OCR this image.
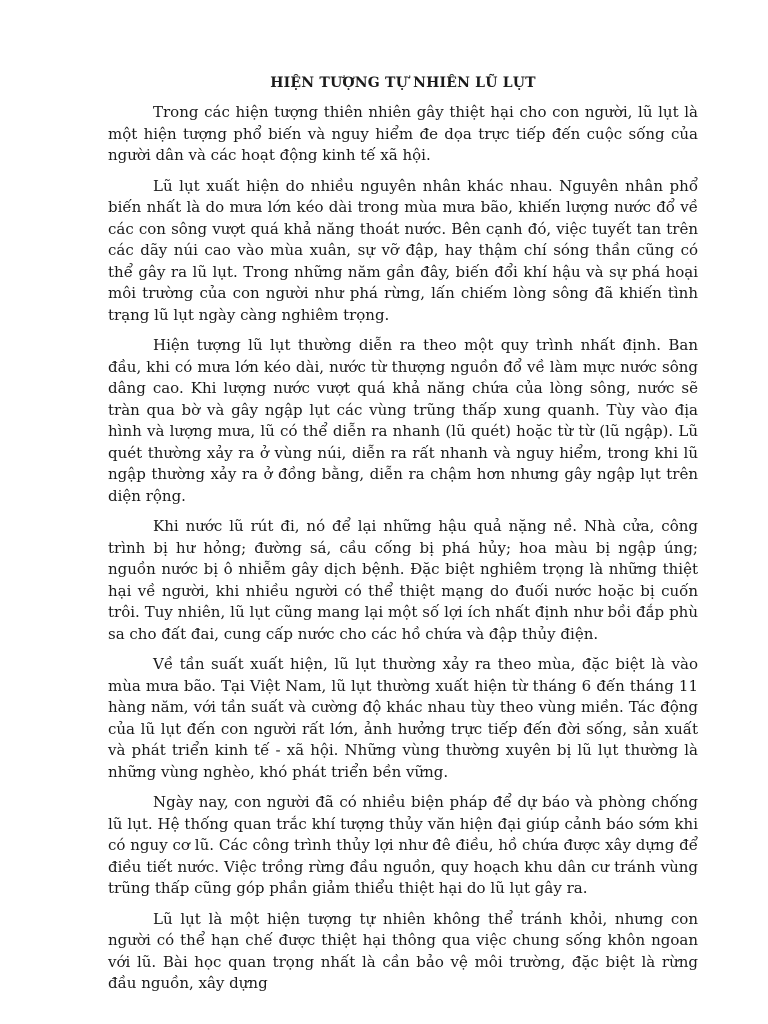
HIỆN TƯỢNG TỰ NHIÊN LŨ LỤT

Trong các hiện tượng thiên nhiên gây thiệt hại cho con người, lũ lụt là một hiện tượng phổ biến và nguy hiểm đe dọa trực tiếp đến cuộc sống của người dân và các hoạt động kinh tế xã hội.

Lũ lụt xuất hiện do nhiều nguyên nhân khác nhau. Nguyên nhân phổ biến nhất là do mưa lớn kéo dài trong mùa mưa bão, khiến lượng nước đổ về các con sông vượt quá khả năng thoát nước. Bên cạnh đó, việc tuyết tan trên các dãy núi cao vào mùa xuân, sự vỡ đập, hay thậm chí sóng thần cũng có thể gây ra lũ lụt. Trong những năm gần đây, biến đổi khí hậu và sự phá hoại môi trường của con người như phá rừng, lấn chiếm lòng sông đã khiến tình trạng lũ lụt ngày càng nghiêm trọng.

Hiện tượng lũ lụt thường diễn ra theo một quy trình nhất định. Ban đầu, khi có mưa lớn kéo dài, nước từ thượng nguồn đổ về làm mực nước sông dâng cao. Khi lượng nước vượt quá khả năng chứa của lòng sông, nước sẽ tràn qua bờ và gây ngập lụt các vùng trũng thấp xung quanh. Tùy vào địa hình và lượng mưa, lũ có thể diễn ra nhanh (lũ quét) hoặc từ từ (lũ ngập). Lũ quét thường xảy ra ở vùng núi, diễn ra rất nhanh và nguy hiểm, trong khi lũ ngập thường xảy ra ở đồng bằng, diễn ra chậm hơn nhưng gây ngập lụt trên diện rộng.

Khi nước lũ rút đi, nó để lại những hậu quả nặng nề. Nhà cửa, công trình bị hư hỏng; đường sá, cầu cống bị phá hủy; hoa màu bị ngập úng; nguồn nước bị ô nhiễm gây dịch bệnh. Đặc biệt nghiêm trọng là những thiệt hại về người, khi nhiều người có thể thiệt mạng do đuối nước hoặc bị cuốn trôi. Tuy nhiên, lũ lụt cũng mang lại một số lợi ích nhất định như bồi đắp phù sa cho đất đai, cung cấp nước cho các hồ chứa và đập thủy điện.

Về tần suất xuất hiện, lũ lụt thường xảy ra theo mùa, đặc biệt là vào mùa mưa bão. Tại Việt Nam, lũ lụt thường xuất hiện từ tháng 6 đến tháng 11 hàng năm, với tần suất và cường độ khác nhau tùy theo vùng miền. Tác động của lũ lụt đến con người rất lớn, ảnh hưởng trực tiếp đến đời sống, sản xuất và phát triển kinh tế - xã hội. Những vùng thường xuyên bị lũ lụt thường là những vùng nghèo, khó phát triển bền vững.

Ngày nay, con người đã có nhiều biện pháp để dự báo và phòng chống lũ lụt. Hệ thống quan trắc khí tượng thủy văn hiện đại giúp cảnh báo sớm khi có nguy cơ lũ. Các công trình thủy lợi như đê điều, hồ chứa được xây dựng để điều tiết nước. Việc trồng rừng đầu nguồn, quy hoạch khu dân cư tránh vùng trũng thấp cũng góp phần giảm thiểu thiệt hại do lũ lụt gây ra.

Lũ lụt là một hiện tượng tự nhiên không thể tránh khỏi, nhưng con người có thể hạn chế được thiệt hại thông qua việc chung sống khôn ngoan với lũ. Bài học quan trọng nhất là cần bảo vệ môi trường, đặc biệt là rừng đầu nguồn, xây dựng
